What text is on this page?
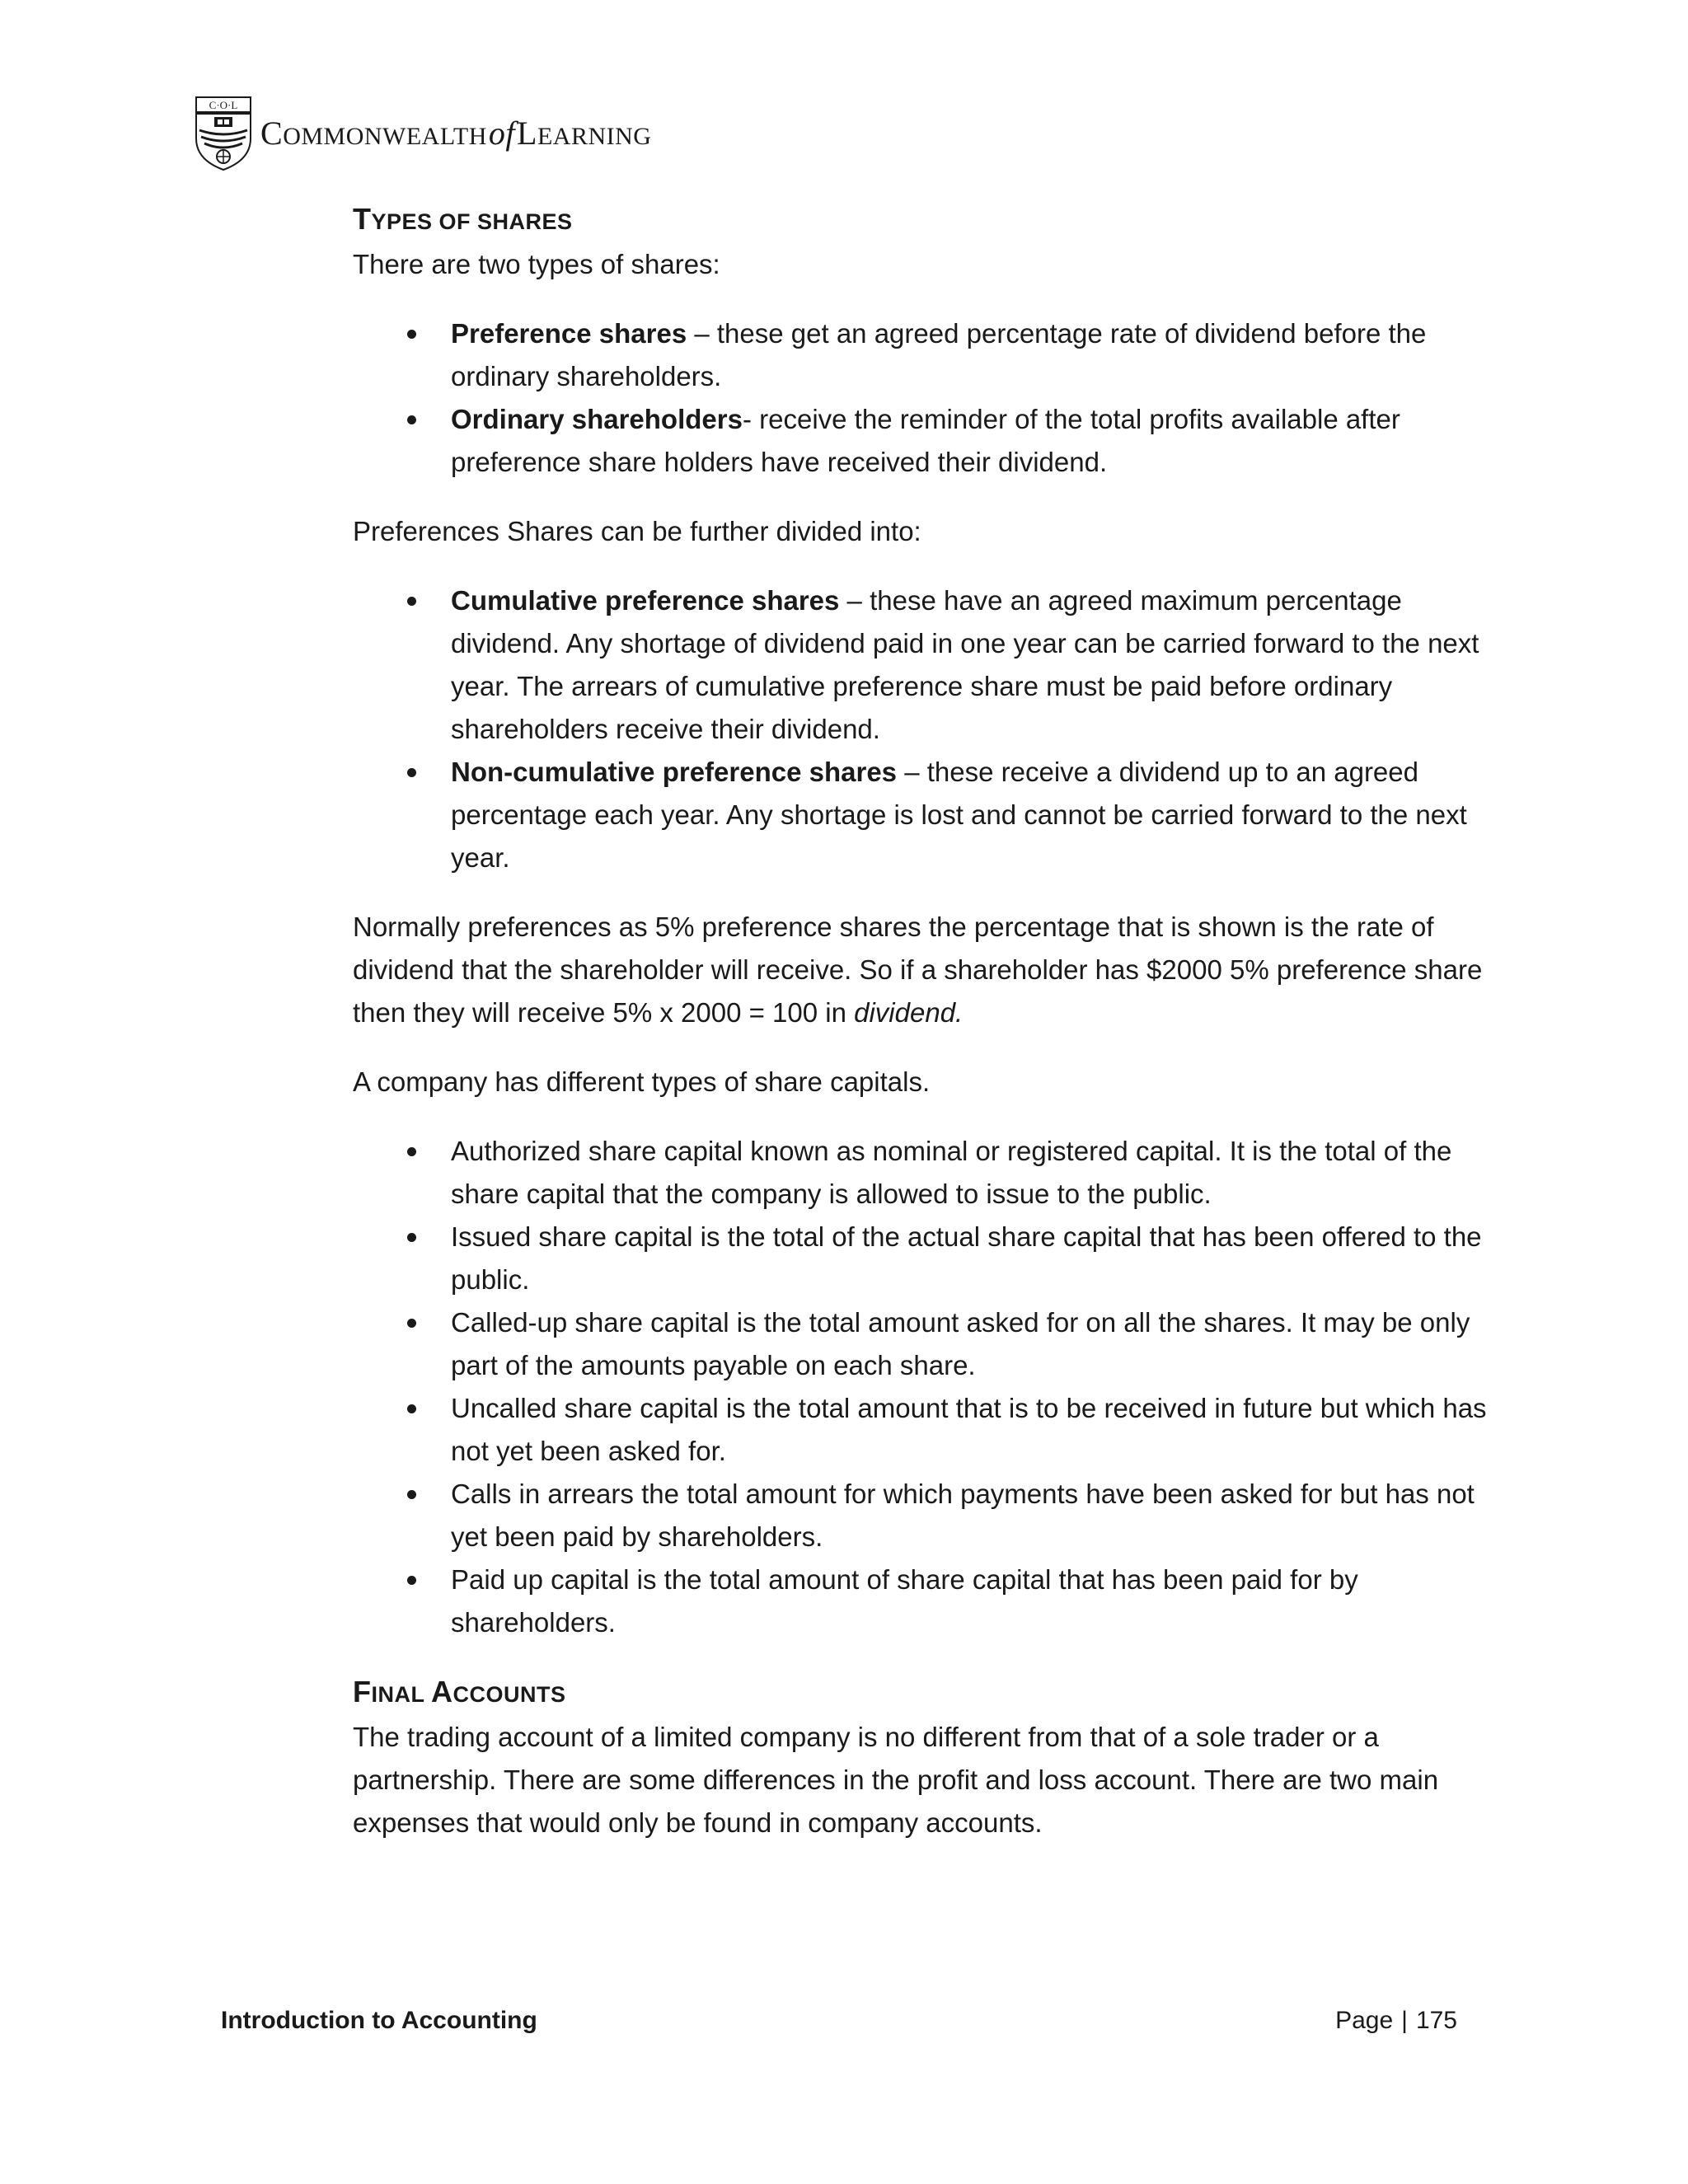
C·O·L
COMMONWEALTHofLEARNING
TYPES OF SHARES

There are two types of shares:

Preference shares – these get an agreed percentage rate of dividend before the ordinary shareholders.
Ordinary shareholders- receive the reminder of the total profits available after preference share holders have received their dividend.

Preferences Shares can be further divided into:

Cumulative preference shares – these have an agreed maximum percentage dividend. Any shortage of dividend paid in one year can be carried forward to the next year. The arrears of cumulative preference share must be paid before ordinary shareholders receive their dividend.
Non-cumulative preference shares – these receive a dividend up to an agreed percentage each year. Any shortage is lost and cannot be carried forward to the next year.

Normally preferences as 5% preference shares the percentage that is shown is the rate of dividend that the shareholder will receive. So if a shareholder has $2000 5% preference share then they will receive 5% x 2000 = 100 in dividend.

A company has different types of share capitals.

Authorized share capital known as nominal or registered capital. It is the total of the share capital that the company is allowed to issue to the public.
Issued share capital is the total of the actual share capital that has been offered to the public.
Called-up share capital is the total amount asked for on all the shares. It may be only part of the amounts payable on each share.
Uncalled share capital is the total amount that is to be received in future but which has not yet been asked for.
Calls in arrears the total amount for which payments have been asked for but has not yet been paid by shareholders.
Paid up capital is the total amount of share capital that has been paid for by shareholders.
FINAL ACCOUNTS

The trading account of a limited company is no different from that of a sole trader or a partnership. There are some differences in the profit and loss account. There are two main expenses that would only be found in company accounts.

Introduction to Accounting	Page | 175
